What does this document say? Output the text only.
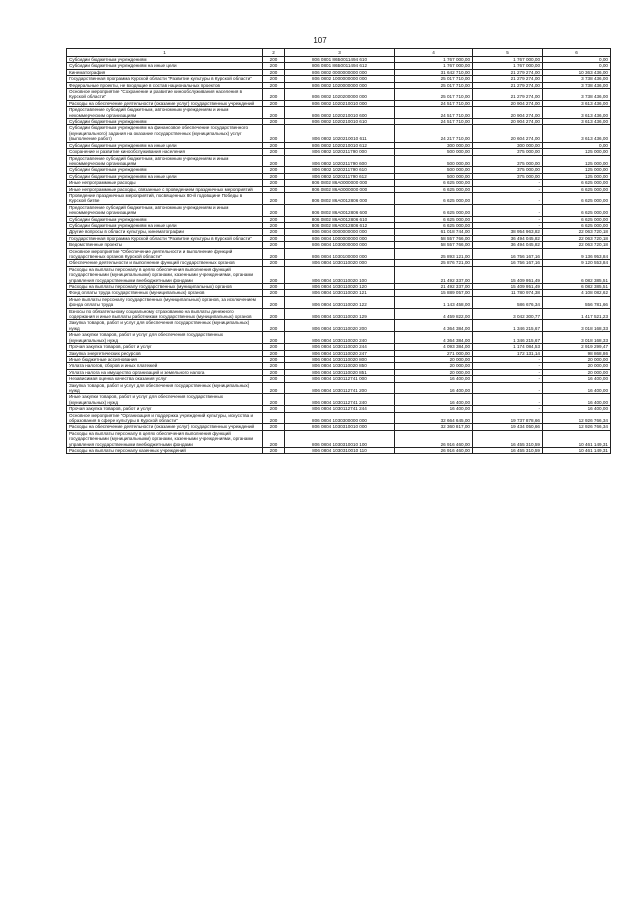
107
1	2	3	4	5	6
Субсидии бюджетным учреждениям	200	806 0801 86Б0011494 610	1 767 000,00	1 767 000,00	0,00
Субсидии бюджетным учреждениям на иные цели	200	806 0801 86Б0011494 612	1 767 000,00	1 767 000,00	0,00
Кинематография	200	806 0802 0000000000 000	31 642 710,00	21 279 274,00	10 363 436,00
Государственная программа Курской области "Развитие культуры в Курской области"	200	806 0802 1000000000 000	25 017 710,00	21 279 274,00	3 738 436,00
Федеральные проекты, не входящие в состав национальных проектов	200	806 0802 1020000000 000	25 017 710,00	21 279 274,00	3 738 436,00
Основное мероприятие "Сохранение и развитие кинообслуживания населения в Курской области"	200	806 0802 1020200000 000	25 017 710,00	21 279 274,00	3 738 436,00
Расходы на обеспечение деятельности (оказание услуг) государственных учреждений	200	806 0802 1020210010 000	24 517 710,00	20 904 274,00	3 613 436,00
Предоставление субсидий бюджетным, автономным учреждениям и иным некоммерческим организациям	200	806 0802 1020210010 600	24 517 710,00	20 904 274,00	3 613 436,00
Субсидии бюджетным учреждениям	200	806 0802 1020210010 610	24 517 710,00	20 904 274,00	3 613 436,00
Субсидии бюджетным учреждениям на финансовое обеспечение государственного (муниципального) задания на оказание государственных (муниципальных) услуг (выполнение работ)	200	806 0802 1020210010 611	24 217 710,00	20 604 274,00	3 613 436,00
Субсидии бюджетным учреждениям на иные цели	200	806 0802 1020210010 612	300 000,00	300 000,00	0,00
Сохранение и развитие кинообслуживания населения	200	806 0802 1020211790 000	500 000,00	375 000,00	125 000,00
Предоставление субсидий бюджетным, автономным учреждениям и иным некоммерческим организациям	200	806 0802 1020211790 600	500 000,00	375 000,00	125 000,00
Субсидии бюджетным учреждениям	200	806 0802 1020211790 610	500 000,00	375 000,00	125 000,00
Субсидии бюджетным учреждениям на иные цели	200	806 0802 1020211790 612	500 000,00	375 000,00	125 000,00
Иные непрограммные расходы	200	806 0802 86А0000000 000	6 625 000,00	-	6 625 000,00
Иные непрограммные расходы, связанные с проведением праздничных мероприятий	200	806 0802 86А0000000 000	6 625 000,00	-	6 625 000,00
Проведение праздничных мероприятий, посвященных 80-й годовщине Победы в Курской битве	200	806 0802 86А0012806 000	6 625 000,00	-	6 625 000,00
Предоставление субсидий бюджетным, автономным учреждениям и иным некоммерческим организациям	200	806 0802 86А0012806 600	6 625 000,00	-	6 625 000,00
Субсидии бюджетным учреждениям	200	806 0802 86А0012806 610	6 625 000,00	-	6 625 000,00
Субсидии бюджетным учреждениям на иные цели	200	806 0802 86А0012806 612	6 625 000,00	-	6 625 000,00
Другие вопросы в области культуры, кинематографии	200	806 0804 0000000000 000	61 018 744,00	38 954 963,82	22 063 720,18
Государственная программа Курской области "Развитие культуры в Курской области"	200	806 0804 1000000000 000	58 557 766,00	36 494 045,82	22 063 720,18
Ведомственные проекты	200	806 0804 1030000000 000	58 557 766,00	36 494 045,82	22 063 720,18
Основное мероприятие "Обеспечение деятельности и выполнение функций государственных органов Курской области"	200	806 0804 1030100000 000	25 893 121,00	16 756 167,16	9 136 953,84
Обеспечение деятельности и выполнение функций государственных органов	200	806 0804 1030110020 000	25 876 721,00	16 756 167,16	9 120 553,84
Расходы на выплаты персоналу в целях обеспечения выполнения функций государственными (муниципальными) органами, казенными учреждениями, органами управления государственными внебюджетными фондами	200	806 0804 1030110020 100	21 492 337,00	15 409 951,49	6 082 385,51
Расходы на выплаты персоналу государственных (муниципальных) органов	200	806 0804 1030110020 120	21 492 337,00	15 409 951,49	6 082 385,51
Фонд оплаты труда государственных (муниципальных) органов	200	806 0804 1030110020 121	15 889 057,00	11 780 974,38	4 108 082,62
Иные выплаты персоналу государственных (муниципальных) органов, за исключением фонда оплаты труда	200	806 0804 1030110020 122	1 143 458,00	586 676,34	556 781,66
Взносы по обязательному социальному страхованию на выплаты денежного содержания и иные выплаты работникам государственных (муниципальных) органов	200	806 0804 1030110020 129	4 459 822,00	3 042 300,77	1 417 521,23
Закупка товаров, работ и услуг для обеспечения государственных (муниципальных) нужд	200	806 0804 1030110020 200	4 364 384,00	1 346 215,67	3 018 168,33
Иные закупки товаров, работ и услуг для обеспечения государственных (муниципальных) нужд	200	806 0804 1030110020 240	4 364 384,00	1 346 215,67	3 018 168,33
Прочая закупка товаров, работ и услуг	200	806 0804 1030110020 244	4 093 384,00	1 174 084,53	2 919 299,47
Закупка энергетических ресурсов	200	806 0804 1030110020 247	271 000,00	172 131,14	98 868,86
Иные бюджетные ассигнования	200	806 0804 1030110020 800	20 000,00	-	20 000,00
Уплата налогов, сборов и иных платежей	200	806 0804 1030110020 850	20 000,00	-	20 000,00
Уплата налога на имущество организаций и земельного налога	200	806 0804 1030110020 851	20 000,00	-	20 000,00
Независимая оценка качества оказания услуг	200	806 0804 1030112741 000	16 400,00	-	16 400,00
Закупка товаров, работ и услуг для обеспечения государственных (муниципальных) нужд	200	806 0804 1030112741 200	16 400,00	-	16 400,00
Иные закупки товаров, работ и услуг для обеспечения государственных (муниципальных) нужд	200	806 0804 1030112741 240	16 400,00	-	16 400,00
Прочая закупка товаров, работ и услуг	200	806 0804 1030112741 244	16 400,00	-	16 400,00
Основное мероприятие "Организация и поддержка учреждений культуры, искусства и образования в сфере культуры в Курской области"	200	806 0804 1030300000 000	32 664 645,00	19 737 878,66	12 926 766,34
Расходы на обеспечение деятельности (оказание услуг) государственных учреждений	200	806 0804 1030310010 000	32 360 817,00	19 434 050,66	12 926 766,34
Расходы на выплаты персоналу в целях обеспечения выполнения функций государственными (муниципальными) органами, казенными учреждениями, органами управления государственными внебюджетными фондами	200	806 0804 1030310010 100	26 916 460,00	16 455 310,59	10 461 149,31
Расходы на выплаты персоналу казенных учреждений	200	806 0804 1030310010 110	26 916 460,00	16 455 310,59	10 461 149,31
